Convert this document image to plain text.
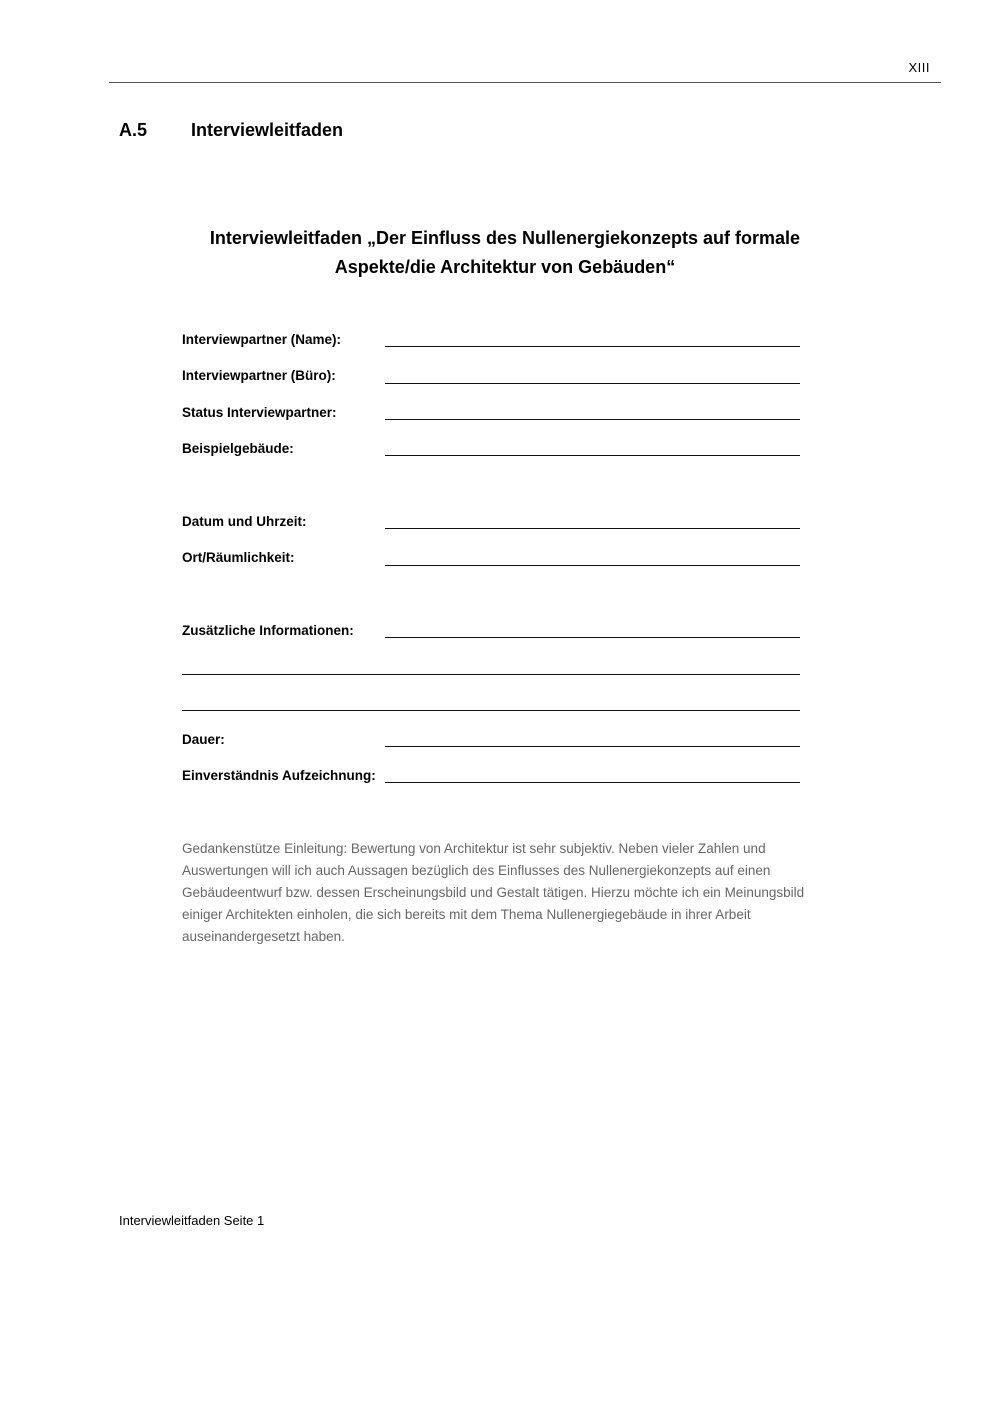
XIII
A.5 Interviewleitfaden
Interviewleitfaden „Der Einfluss des Nullenergiekonzepts auf formale
Aspekte/die Architektur von Gebäuden“
Interviewpartner (Name):
Interviewpartner (Büro):
Status Interviewpartner:
Beispielgebäude:
Datum und Uhrzeit:
Ort/Räumlichkeit:
Zusätzliche Informationen:
Dauer:
Einverständnis Aufzeichnung:

Gedankenstütze Einleitung: Bewertung von Architektur ist sehr subjektiv. Neben vieler Zahlen und Auswertungen will ich auch Aussagen bezüglich des Einflusses des Nullenergiekonzepts auf einen Gebäudeentwurf bzw. dessen Erscheinungsbild und Gestalt tätigen. Hierzu möchte ich ein Meinungsbild einiger Architekten einholen, die sich bereits mit dem Thema Nullenergiegebäude in ihrer Arbeit auseinandergesetzt haben.

Interviewleitfaden Seite 1
